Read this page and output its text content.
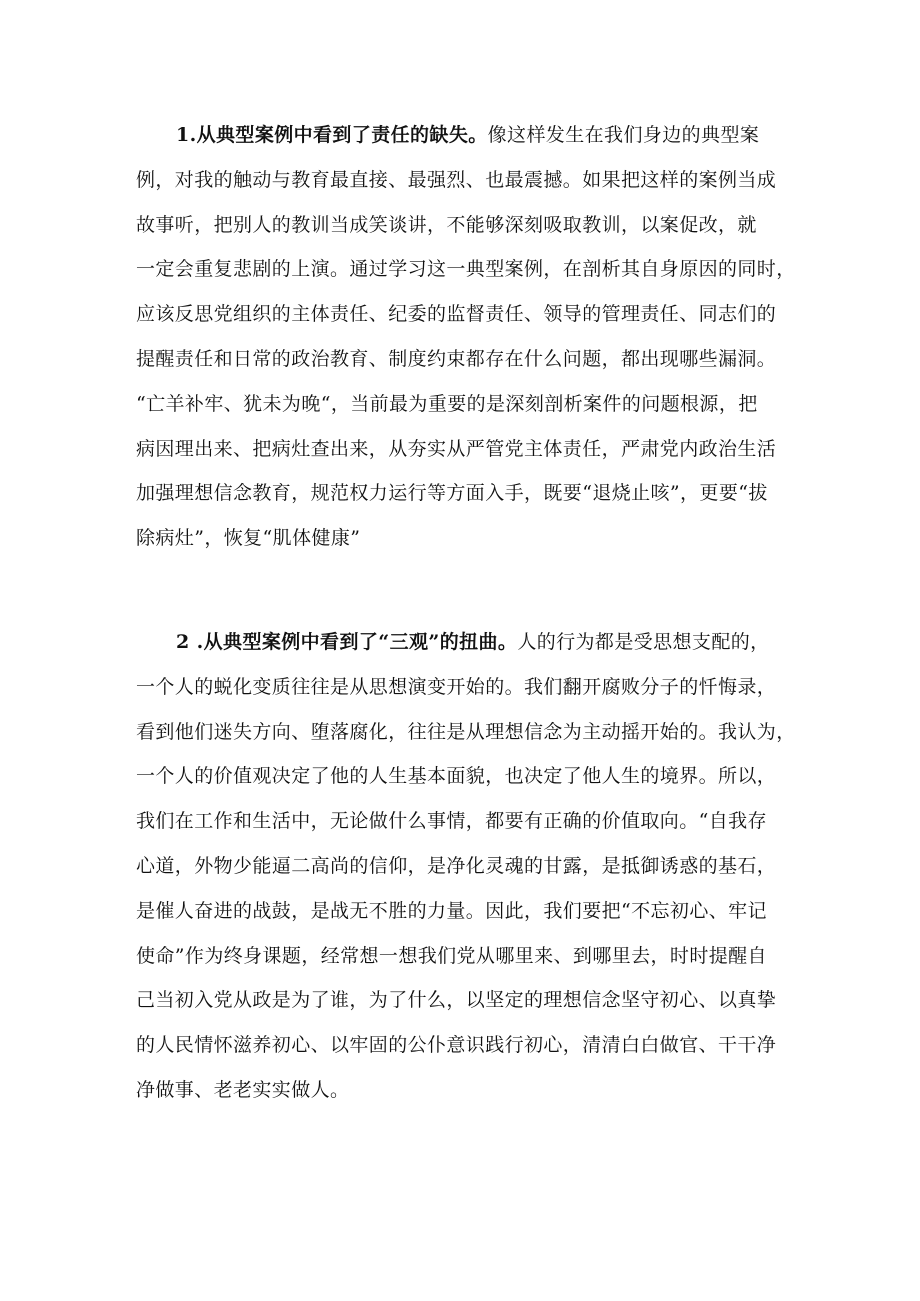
1.从典型案例中看到了责任的缺失。像这样发生在我们身边的典型案
例，对我的触动与教育最直接、最强烈、也最震撼。如果把这样的案例当成
故事听，把别人的教训当成笑谈讲，不能够深刻吸取教训，以案促改，就
一定会重复悲剧的上演。通过学习这一典型案例，在剖析其自身原因的同时，
应该反思党组织的主体责任、纪委的监督责任、领导的管理责任、同志们的
提醒责任和日常的政治教育、制度约束都存在什么问题，都出现哪些漏洞。
“亡羊补牢、犹未为晚“，当前最为重要的是深刻剖析案件的问题根源，把
病因理出来、把病灶查出来，从夯实从严管党主体责任，严肃党内政治生活
加强理想信念教育，规范权力运行等方面入手，既要“退烧止咳”，更要“拔
除病灶”，恢复“肌体健康”
2 .从典型案例中看到了“三观”的扭曲。人的行为都是受思想支配的，
一个人的蜕化变质往往是从思想演变开始的。我们翻开腐败分子的忏悔录，
看到他们迷失方向、堕落腐化，往往是从理想信念为主动摇开始的。我认为，
一个人的价值观决定了他的人生基本面貌，也决定了他人生的境界。所以，
我们在工作和生活中，无论做什么事情，都要有正确的价值取向。“自我存
心道，外物少能逼二高尚的信仰，是净化灵魂的甘露，是抵御诱惑的基石，
是催人奋进的战鼓，是战无不胜的力量。因此，我们要把“不忘初心、牢记
使命”作为终身课题，经常想一想我们党从哪里来、到哪里去，时时提醒自
己当初入党从政是为了谁，为了什么，以坚定的理想信念坚守初心、以真挚
的人民情怀滋养初心、以牢固的公仆意识践行初心，清清白白做官、干干净
净做事、老老实实做人。
